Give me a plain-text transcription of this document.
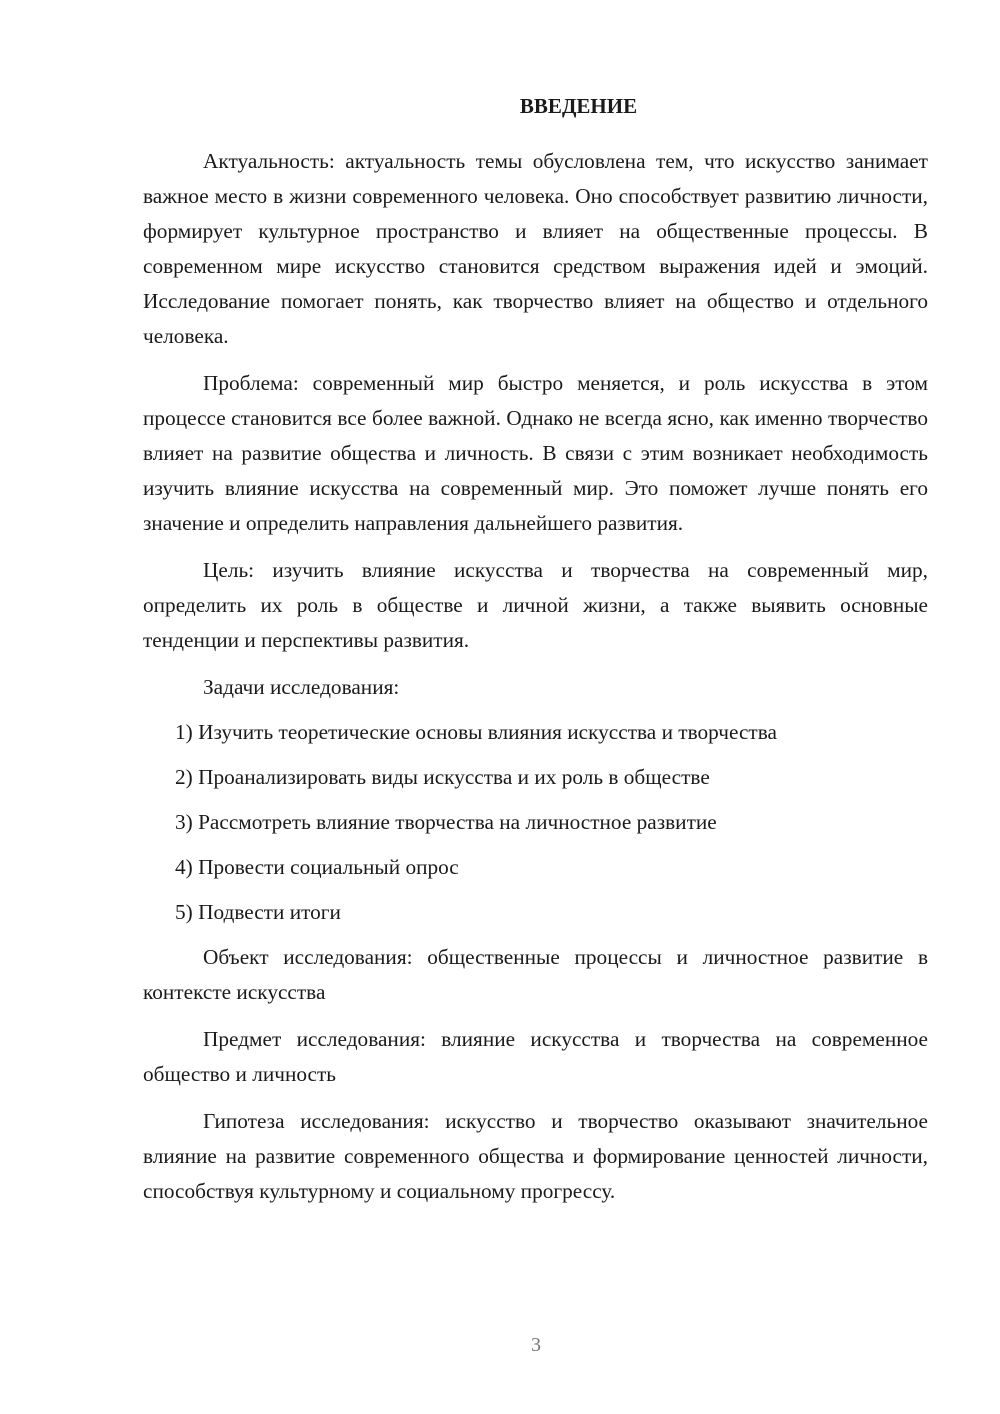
ВВЕДЕНИЕ

Актуальность: актуальность темы обусловлена тем, что искусство занимает важное место в жизни современного человека. Оно способствует развитию личности, формирует культурное пространство и влияет на общественные процессы. В современном мире искусство становится средством выражения идей и эмоций. Исследование помогает понять, как творчество влияет на общество и отдельного человека.

Проблема: современный мир быстро меняется, и роль искусства в этом процессе становится все более важной. Однако не всегда ясно, как именно творчество влияет на развитие общества и личность. В связи с этим возникает необходимость изучить влияние искусства на современный мир. Это поможет лучше понять его значение и определить направления дальнейшего развития.

Цель: изучить влияние искусства и творчества на современный мир, определить их роль в обществе и личной жизни, а также выявить основные тенденции и перспективы развития.

Задачи исследования:

1) Изучить теоретические основы влияния искусства и творчества

2) Проанализировать виды искусства и их роль в обществе

3) Рассмотреть влияние творчества на личностное развитие

4) Провести социальный опрос

5) Подвести итоги

Объект исследования: общественные процессы и личностное развитие в контексте искусства

Предмет исследования: влияние искусства и творчества на современное общество и личность

Гипотеза исследования: искусство и творчество оказывают значительное влияние на развитие современного общества и формирование ценностей личности, способствуя культурному и социальному прогрессу.

3
